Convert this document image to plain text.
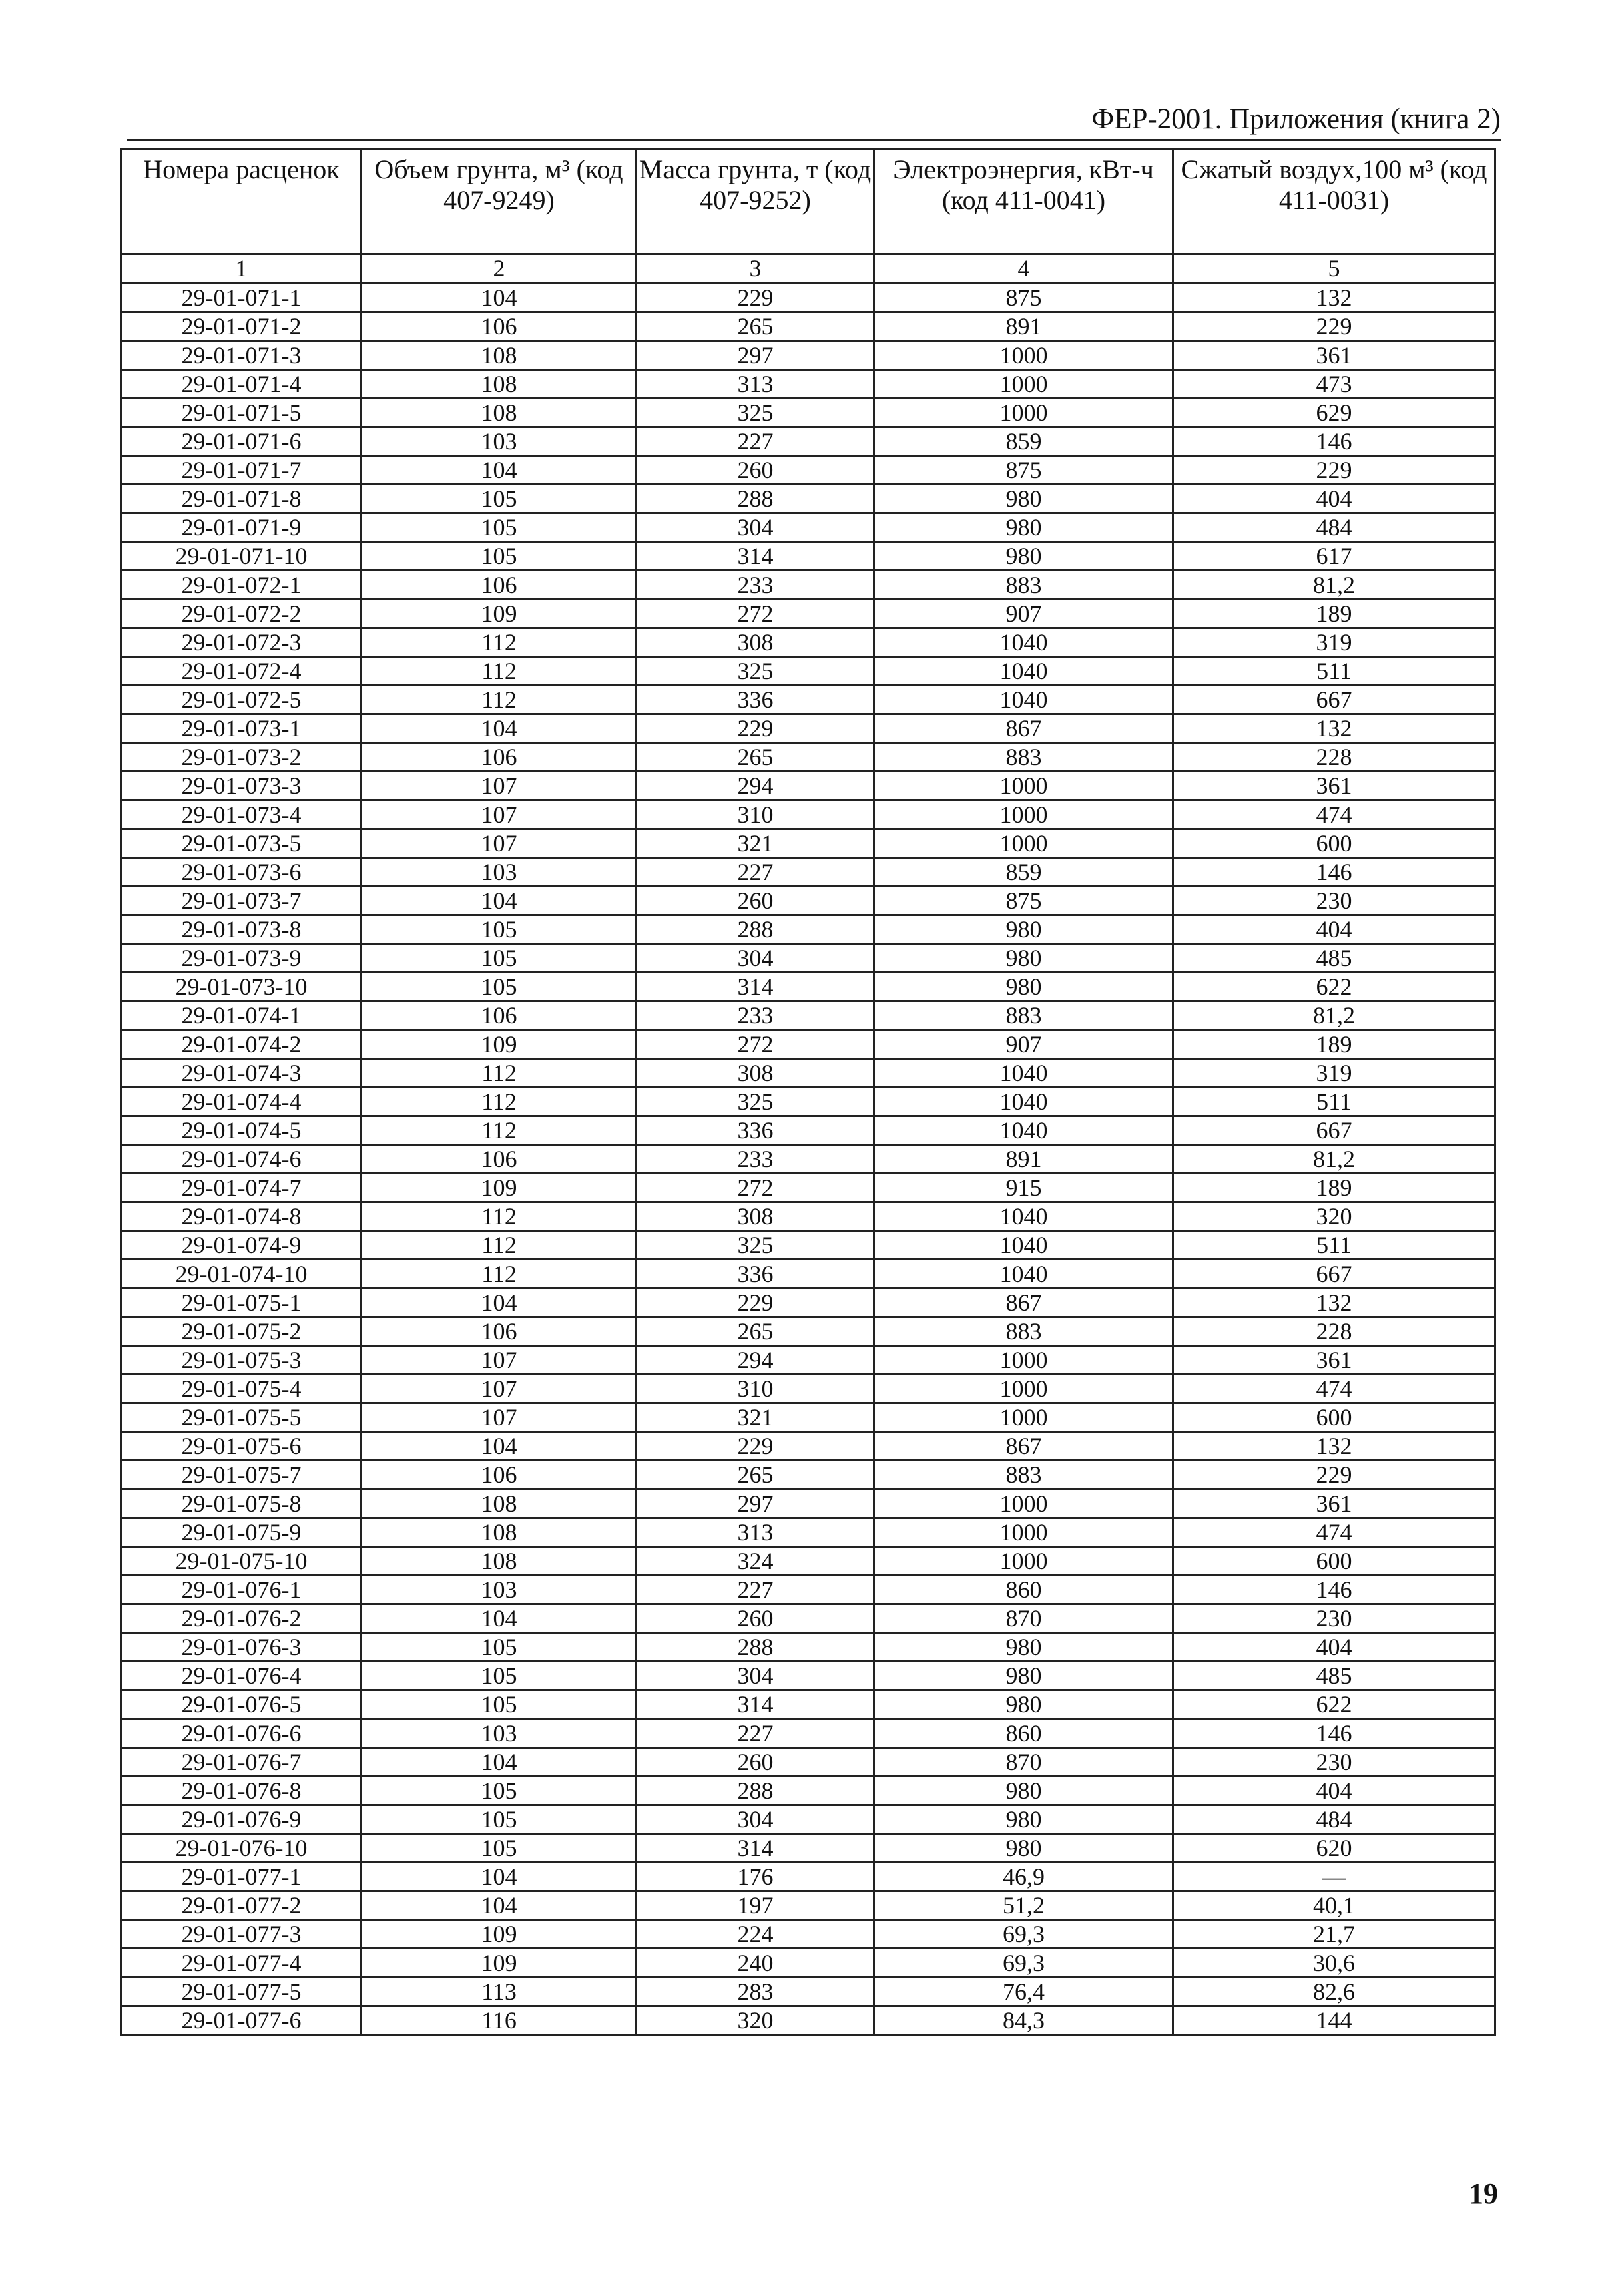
ФЕР-2001. Приложения (книга 2)
Номера расценок	Объем грунта, м³ (код 407-9249)	Масса грунта, т (код 407-9252)	Электроэнергия, кВт-ч (код 411-0041)	Сжатый воздух,100 м³ (код 411-0031)
1	2	3	4	5
29-01-071-1	104	229	875	132
29-01-071-2	106	265	891	229
29-01-071-3	108	297	1000	361
29-01-071-4	108	313	1000	473
29-01-071-5	108	325	1000	629
29-01-071-6	103	227	859	146
29-01-071-7	104	260	875	229
29-01-071-8	105	288	980	404
29-01-071-9	105	304	980	484
29-01-071-10	105	314	980	617
29-01-072-1	106	233	883	81,2
29-01-072-2	109	272	907	189
29-01-072-3	112	308	1040	319
29-01-072-4	112	325	1040	511
29-01-072-5	112	336	1040	667
29-01-073-1	104	229	867	132
29-01-073-2	106	265	883	228
29-01-073-3	107	294	1000	361
29-01-073-4	107	310	1000	474
29-01-073-5	107	321	1000	600
29-01-073-6	103	227	859	146
29-01-073-7	104	260	875	230
29-01-073-8	105	288	980	404
29-01-073-9	105	304	980	485
29-01-073-10	105	314	980	622
29-01-074-1	106	233	883	81,2
29-01-074-2	109	272	907	189
29-01-074-3	112	308	1040	319
29-01-074-4	112	325	1040	511
29-01-074-5	112	336	1040	667
29-01-074-6	106	233	891	81,2
29-01-074-7	109	272	915	189
29-01-074-8	112	308	1040	320
29-01-074-9	112	325	1040	511
29-01-074-10	112	336	1040	667
29-01-075-1	104	229	867	132
29-01-075-2	106	265	883	228
29-01-075-3	107	294	1000	361
29-01-075-4	107	310	1000	474
29-01-075-5	107	321	1000	600
29-01-075-6	104	229	867	132
29-01-075-7	106	265	883	229
29-01-075-8	108	297	1000	361
29-01-075-9	108	313	1000	474
29-01-075-10	108	324	1000	600
29-01-076-1	103	227	860	146
29-01-076-2	104	260	870	230
29-01-076-3	105	288	980	404
29-01-076-4	105	304	980	485
29-01-076-5	105	314	980	622
29-01-076-6	103	227	860	146
29-01-076-7	104	260	870	230
29-01-076-8	105	288	980	404
29-01-076-9	105	304	980	484
29-01-076-10	105	314	980	620
29-01-077-1	104	176	46,9	—
29-01-077-2	104	197	51,2	40,1
29-01-077-3	109	224	69,3	21,7
29-01-077-4	109	240	69,3	30,6
29-01-077-5	113	283	76,4	82,6
29-01-077-6	116	320	84,3	144
19
